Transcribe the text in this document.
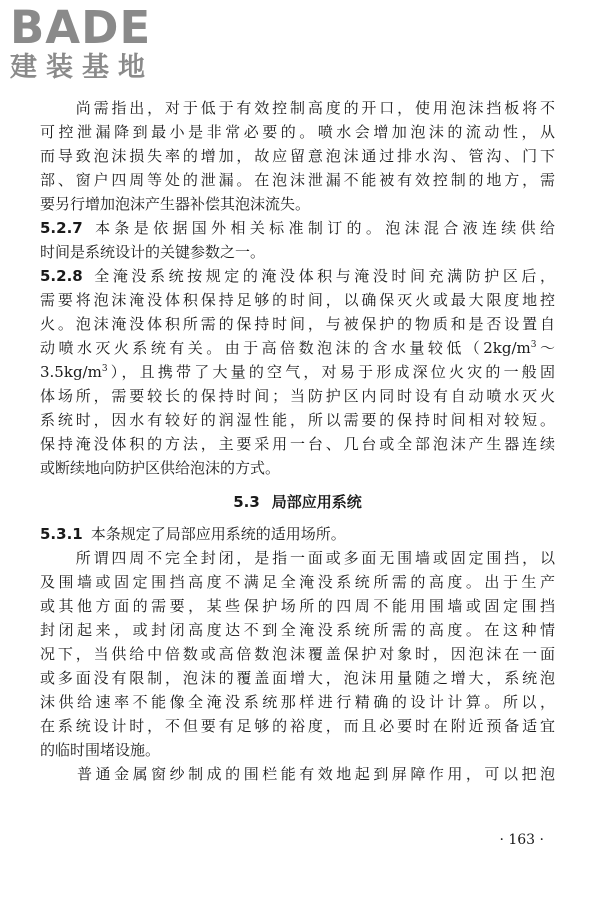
BADE
建装基地
　　尚需指出，对于低于有效控制高度的开口，使用泡沫挡板将不
可控泄漏降到最小是非常必要的。喷水会增加泡沫的流动性，从
而导致泡沫损失率的增加，故应留意泡沫通过排水沟、管沟、门下
部、窗户四周等处的泄漏。在泡沫泄漏不能被有效控制的地方，需
要另行增加泡沫产生器补偿其泡沫流失。
5.2.7 本条是依据国外相关标准制订的。泡沫混合液连续供给
时间是系统设计的关键参数之一。
5.2.8 全淹没系统按规定的淹没体积与淹没时间充满防护区后，
需要将泡沫淹没体积保持足够的时间，以确保灭火或最大限度地控
火。泡沫淹没体积所需的保持时间，与被保护的物质和是否设置自
动喷水灭火系统有关。由于高倍数泡沫的含水量较低（$2kg/m^3\sim$
$3.5kg/m^3$），且携带了大量的空气，对易于形成深位火灾的一般固
体场所，需要较长的保持时间；当防护区内同时设有自动喷水灭火
系统时，因水有较好的润湿性能，所以需要的保持时间相对较短。
保持淹没体积的方法，主要采用一台、几台或全部泡沫产生器连续
或断续地向防护区供给泡沫的方式。
5.3 局部应用系统
5.3.1 本条规定了局部应用系统的适用场所。
　　所谓四周不完全封闭，是指一面或多面无围墙或固定围挡，以
及围墙或固定围挡高度不满足全淹没系统所需的高度。出于生产
或其他方面的需要，某些保护场所的四周不能用围墙或固定围挡
封闭起来，或封闭高度达不到全淹没系统所需的高度。在这种情
况下，当供给中倍数或高倍数泡沫覆盖保护对象时，因泡沫在一面
或多面没有限制，泡沫的覆盖面增大，泡沫用量随之增大，系统泡
沫供给速率不能像全淹没系统那样进行精确的设计计算。所以，
在系统设计时，不但要有足够的裕度，而且必要时在附近预备适宜
的临时围堵设施。
　　普通金属窗纱制成的围栏能有效地起到屏障作用，可以把泡
· 163 ·
